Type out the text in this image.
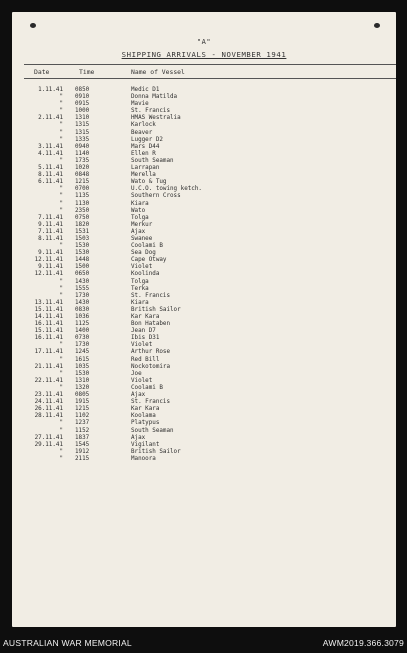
"A"
SHIPPING ARRIVALS - NOVEMBER 1941
Date	Time	Name of Vessel
1.11.41 0850	Medic D1
" 0910	Donna Matilda
" 0915	Mavie
" 1000	St. Francis
2.11.41 1310	HMAS Westralia
" 1315	Karlock
" 1315	Beaver
" 1335	Lugger D2
3.11.41 0940	Mars D44
4.11.41 1140	Ellen R
" 1735	South Seaman
5.11.41 1020	Larrapan
8.11.41 0848	Merella
6.11.41 1215	Wato & Tug
" 0700	U.C.O. towing ketch.
" 1135	Southern Cross
" 1130	Kiara
" 2350	Wato
7.11.41 0750	Tolga
9.11.41 1820	Merkur
7.11.41 1531	Ajax
8.11.41 1503	Swanee
" 1530	Coolami B
9.11.41 1530	Sea Dog
12.11.41 1448	Cape Otway
9.11.41 1500	Violet
12.11.41 0650	Koolinda
" 1430	Tolga
" 1555	Terka
" 1730	St. Francis
13.11.41 1430	Kiara
15.11.41 0830	British Sailor
14.11.41 1036	Kar Kara
16.11.41 1125	Bon Hataben
15.11.41 1400	Jean D7
16.11.41 0730	Ibis D31
" 1730	Violet
17.11.41 1245	Arthur Rose
" 1615	Red Bill
21.11.41 1035	Nockotomira
" 1530	Joe
22.11.41 1310	Violet
" 1320	Coolami B
23.11.41 0805	Ajax
24.11.41 1915	St. Francis
26.11.41 1215	Kar Kara
28.11.41 1102	Koolama
" 1237	Platypus
" 1152	South Seaman
27.11.41 1837	Ajax
29.11.41 1545	Vigilant
" 1912	British Sailor
" 2115	Manoora
AUSTRALIAN WAR MEMORIAL	AWM2019.366.3079
